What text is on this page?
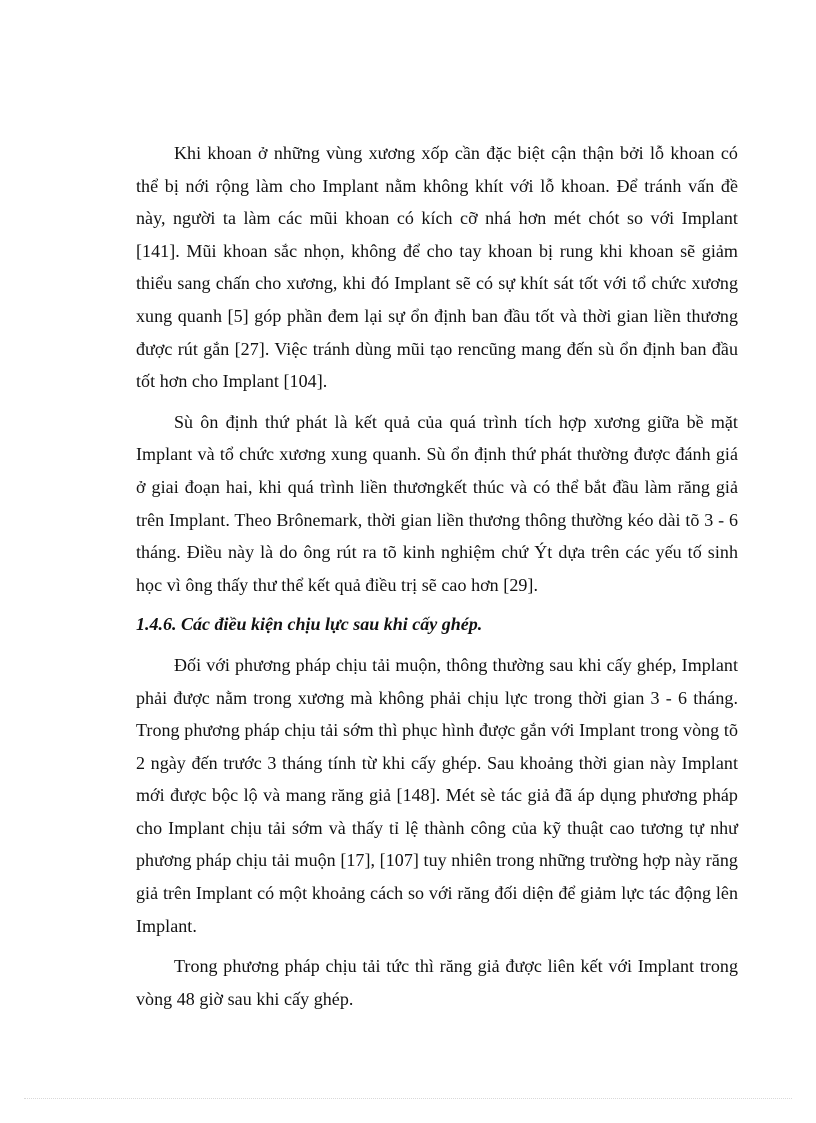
Khi khoan ở những vùng xương xốp cần đặc biệt cận thận bởi lỗ khoan có thể bị nới rộng làm cho Implant nằm không khít với lỗ khoan. Để tránh vấn đề này, người ta làm các mũi khoan có kích cỡ nhá hơn mét chót so với Implant [141]. Mũi khoan sắc nhọn, không để cho tay khoan bị rung khi khoan sẽ giảm thiểu sang chấn cho xương, khi đó Implant sẽ có sự khít sát tốt với tổ chức xương xung quanh [5] góp phần đem lại sự ổn định ban đầu tốt và thời gian liền thương được rút gắn [27]. Việc tránh dùng mũi tạo rencũng mang đến sù ổn định ban đầu tốt hơn cho Implant [104].

Sù ôn định thứ phát là kết quả của quá trình tích hợp xương giữa bề mặt Implant và tổ chức xương xung quanh. Sù ổn định thứ phát thường được đánh giá ở giai đoạn hai, khi quá trình liền thươngkết thúc và có thể bắt đầu làm răng giả trên Implant. Theo Brônemark, thời gian liền thương thông thường kéo dài tõ 3 - 6 tháng. Điều này là do ông rút ra tõ kinh nghiệm chứ Ýt dựa trên các yếu tố sinh học vì ông thấy thư thể kết quả điều trị sẽ cao hơn [29].

1.4.6. Các điều kiện chịu lực sau khi cấy ghép.

Đối với phương pháp chịu tải muộn, thông thường sau khi cấy ghép, Implant phải được nằm trong xương mà không phải chịu lực trong thời gian 3 - 6 tháng. Trong phương pháp chịu tải sớm thì phục hình được gắn với Implant trong vòng tõ 2 ngày đến trước 3 tháng tính từ khi cấy ghép. Sau khoảng thời gian này Implant mới được bộc lộ và mang răng giả [148]. Mét sè tác giả đã áp dụng phương pháp cho Implant chịu tải sớm và thấy tỉ lệ thành công của kỹ thuật cao tương tự như phương pháp chịu tải muộn [17], [107] tuy nhiên trong những trường hợp này răng giả trên Implant có một khoảng cách so với răng đối diện để giảm lực tác động lên Implant.

Trong phương pháp chịu tải tức thì răng giả được liên kết với Implant trong vòng 48 giờ sau khi cấy ghép.
